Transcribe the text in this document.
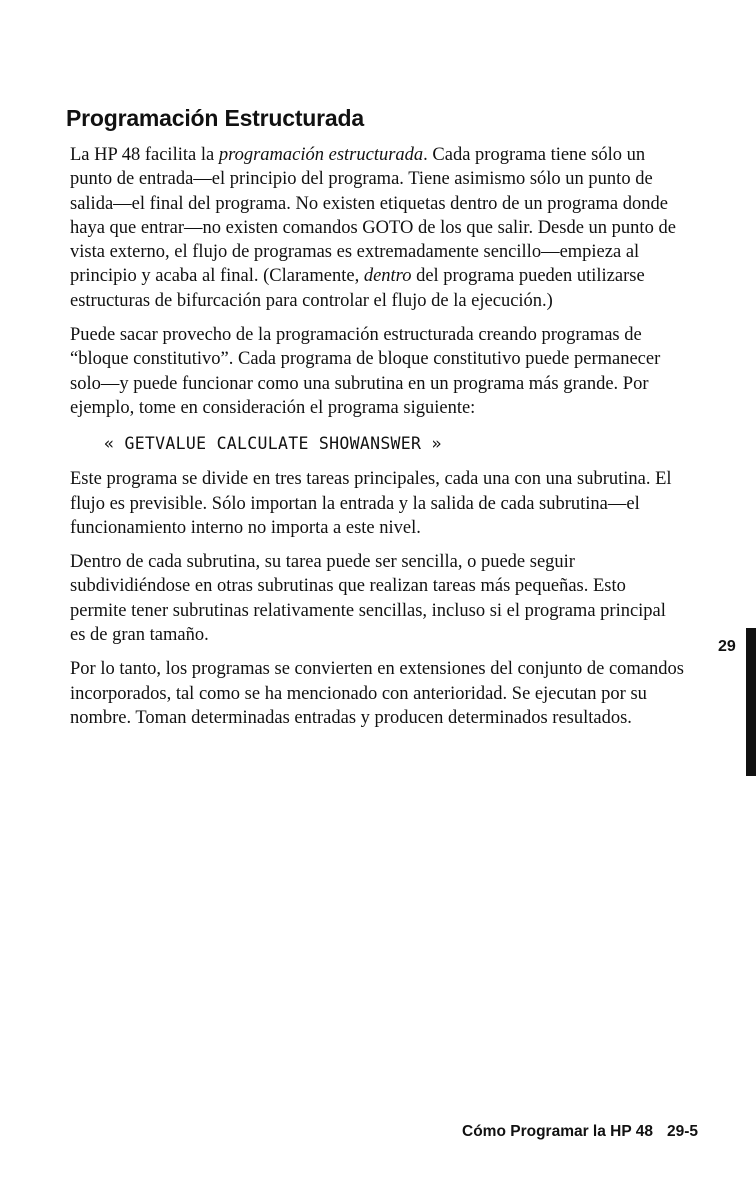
Programación Estructurada

La HP 48 facilita la programación estructurada. Cada programa tiene sólo un punto de entrada—el principio del programa. Tiene asimismo sólo un punto de salida—el final del programa. No existen etiquetas dentro de un programa donde haya que entrar—no existen comandos GOTO de los que salir. Desde un punto de vista externo, el flujo de programas es extremadamente sencillo—empieza al principio y acaba al final. (Claramente, dentro del programa pueden utilizarse estructuras de bifurcación para controlar el flujo de la ejecución.)

Puede sacar provecho de la programación estructurada creando programas de “bloque constitutivo”. Cada programa de bloque constitutivo puede permanecer solo—y puede funcionar como una subrutina en un programa más grande. Por ejemplo, tome en consideración el programa siguiente:

« GETVALUE CALCULATE SHOWANSWER »

Este programa se divide en tres tareas principales, cada una con una subrutina. El flujo es previsible. Sólo importan la entrada y la salida de cada subrutina—el funcionamiento interno no importa a este nivel.

Dentro de cada subrutina, su tarea puede ser sencilla, o puede seguir subdividiéndose en otras subrutinas que realizan tareas más pequeñas. Esto permite tener subrutinas relativamente sencillas, incluso si el programa principal es de gran tamaño.

Por lo tanto, los programas se convierten en extensiones del conjunto de comandos incorporados, tal como se ha mencionado con anterioridad. Se ejecutan por su nombre. Toman determinadas entradas y producen determinados resultados.

29
Cómo Programar la HP 48 29-5
